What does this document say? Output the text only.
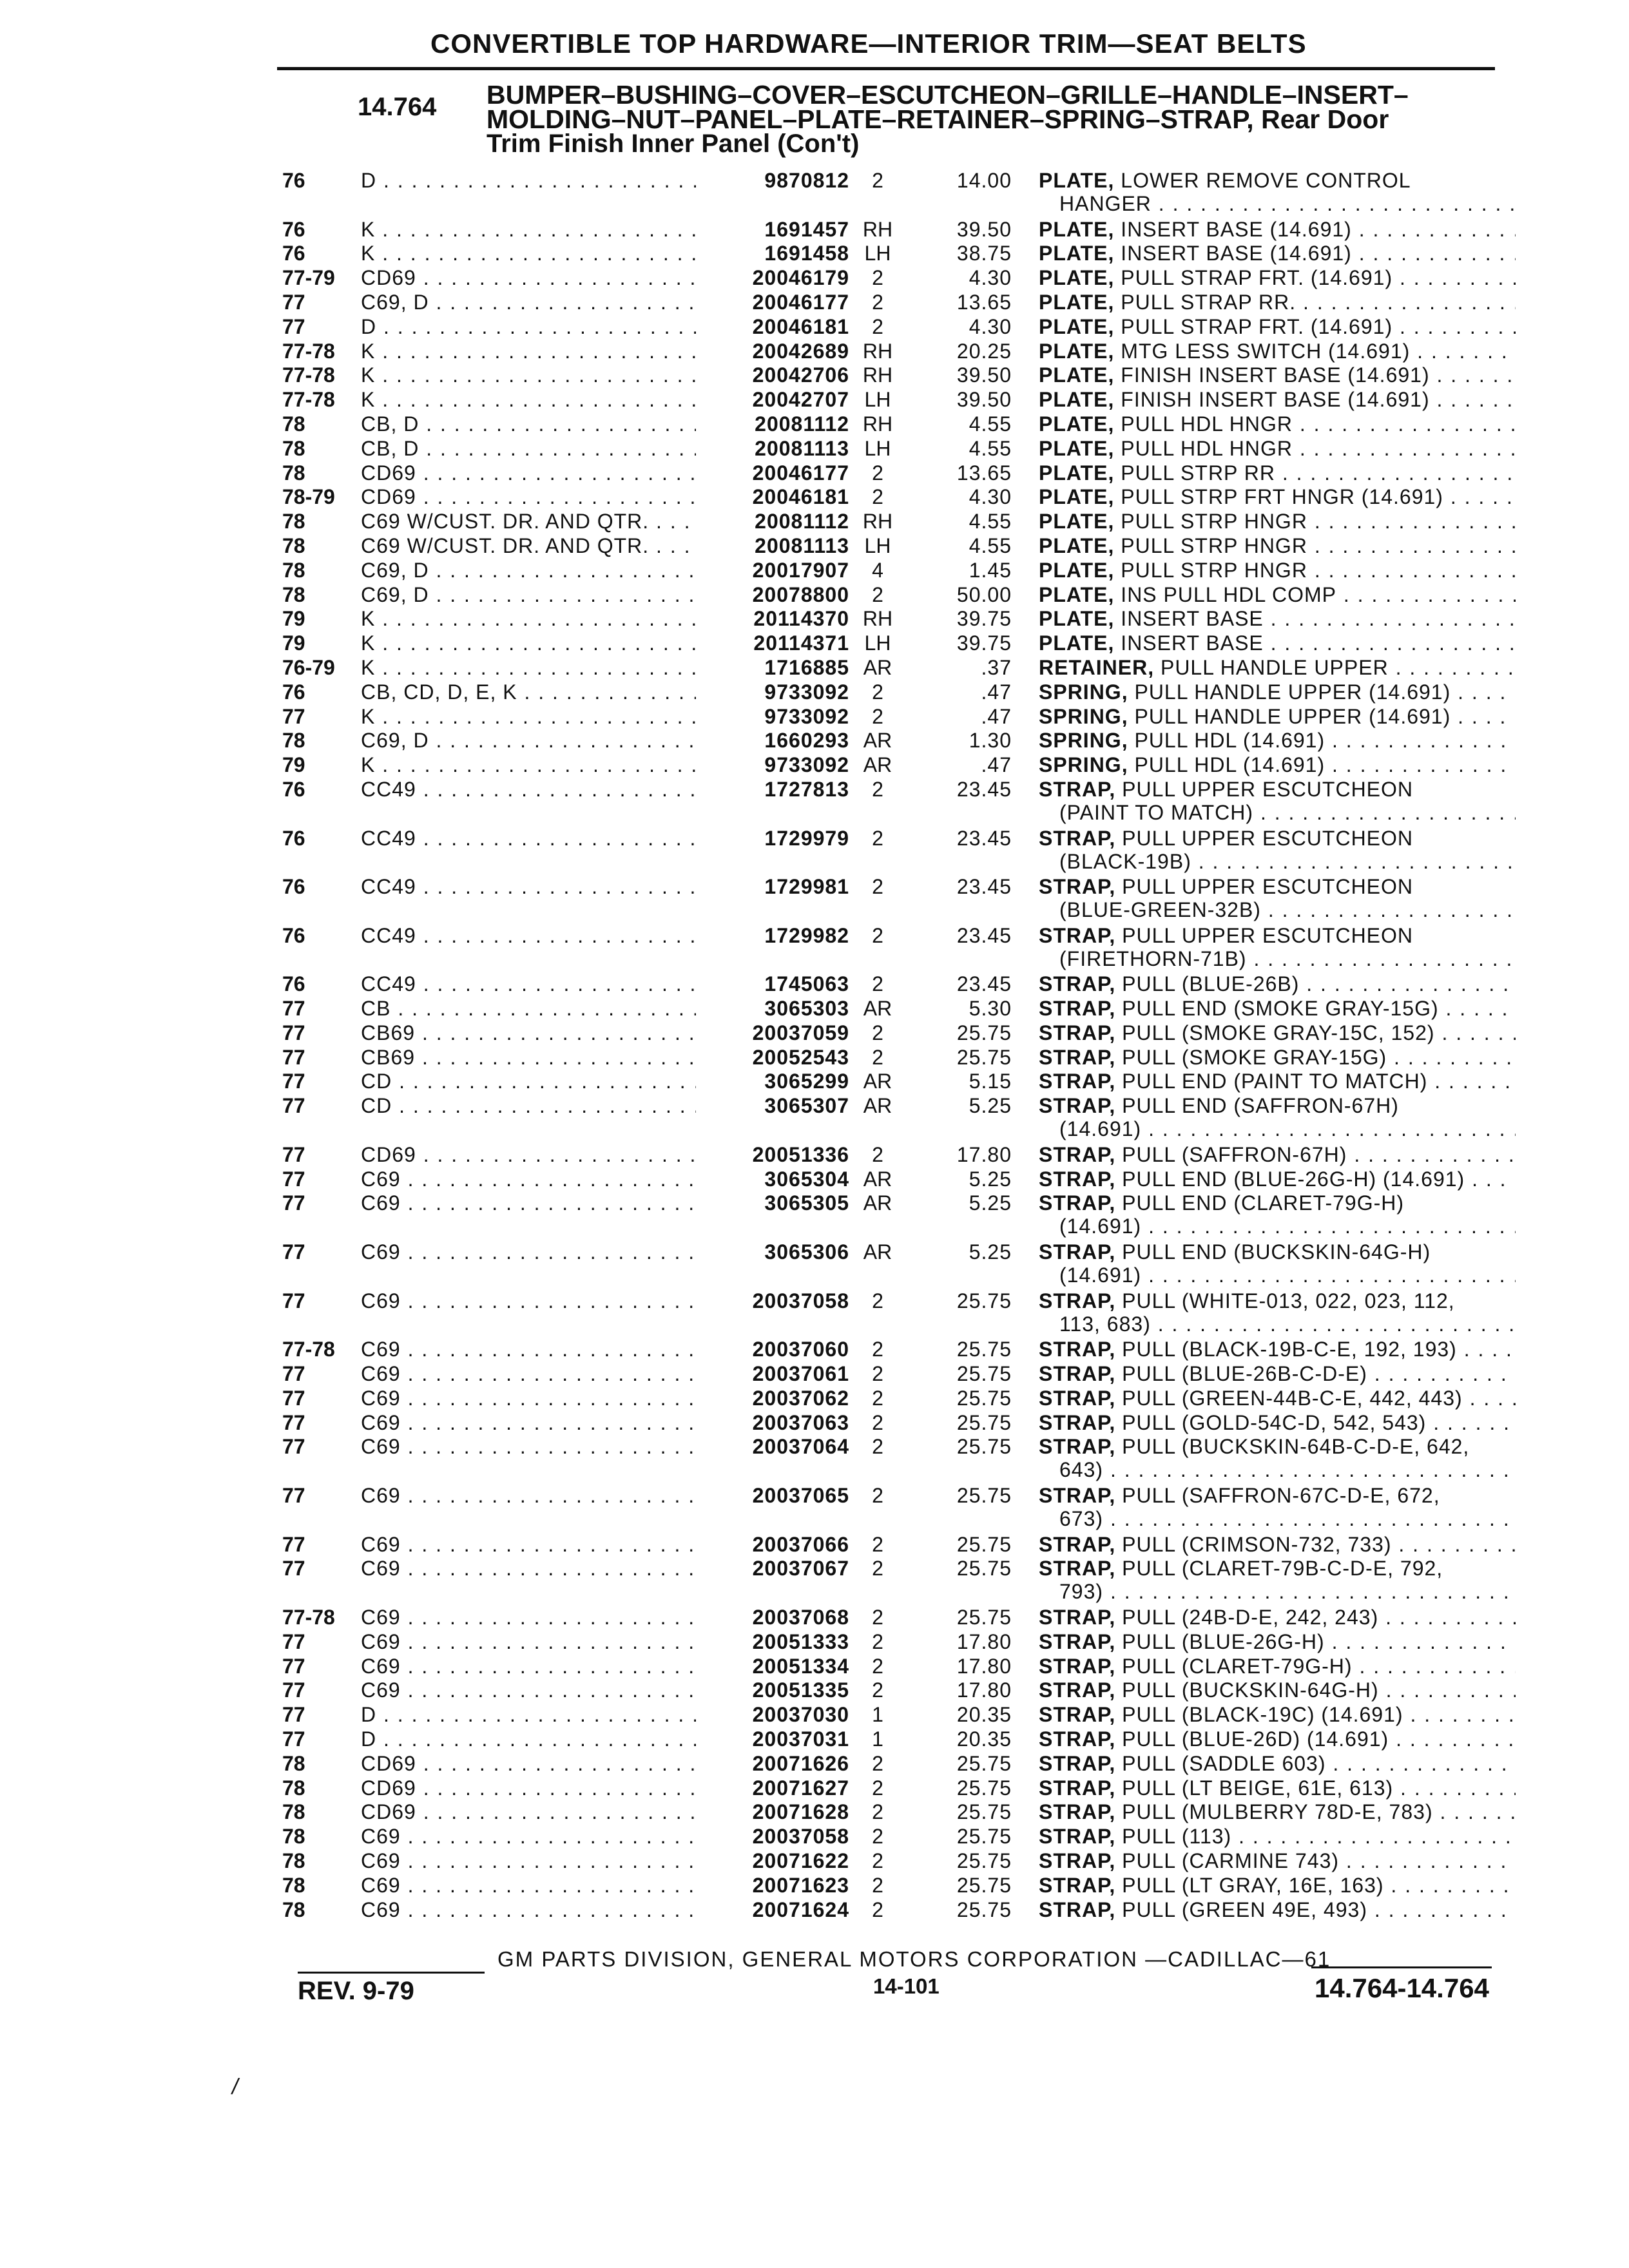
CONVERTIBLE TOP HARDWARE—INTERIOR TRIM—SEAT BELTS
14.764 BUMPER–BUSHING–COVER–ESCUTCHEON–GRILLE–HANDLE–INSERT–
MOLDING–NUT–PANEL–PLATE–RETAINER–SPRING–STRAP, Rear Door
Trim Finish Inner Panel (Con't)
76	D . . .	9870812	2	14.00 PLATE, LOWER REMOVE CONTROL
HANGER . . .
76	K . . .	1691457 RH	39.50 PLATE, INSERT BASE (14.691) . . .
76	K . . .	1691458 LH	38.75 PLATE, INSERT BASE (14.691) . . .
77-79 CD69 . . .	20046179	2	4.30 PLATE, PULL STRAP FRT. (14.691) . . .
77	C69, D . . .	20046177	2	13.65 PLATE, PULL STRAP RR. . . .
77	D . . .	20046181	2	4.30 PLATE, PULL STRAP FRT. (14.691) . . .
77-78 K . . .	20042689 RH	20.25 PLATE, MTG LESS SWITCH (14.691) . . .
77-78 K . . .	20042706 RH	39.50 PLATE, FINISH INSERT BASE (14.691) . . .
77-78 K . . .	20042707 LH	39.50 PLATE, FINISH INSERT BASE (14.691) . . .
78	CB, D . . .	20081112 RH	4.55 PLATE, PULL HDL HNGR . . .
78	CB, D . . .	20081113 LH	4.55 PLATE, PULL HDL HNGR . . .
78	CD69 . . .	20046177	2	13.65 PLATE, PULL STRP RR . . .
78-79 CD69 . . .	20046181	2	4.30 PLATE, PULL STRP FRT HNGR (14.691) . . .
78	C69 W/CUST. DR. AND QTR. . . .	20081112 RH	4.55 PLATE, PULL STRP HNGR . . .
78	C69 W/CUST. DR. AND QTR. . . .	20081113 LH	4.55 PLATE, PULL STRP HNGR . . .
78	C69, D . . .	20017907	4	1.45 PLATE, PULL STRP HNGR . . .
78	C69, D . . .	20078800	2	50.00 PLATE, INS PULL HDL COMP . . .
79	K . . .	20114370 RH	39.75 PLATE, INSERT BASE . . .
79	K . . .	20114371 LH	39.75 PLATE, INSERT BASE . . .
76-79 K . . .	1716885 AR	.37 RETAINER, PULL HANDLE UPPER . . .
76	CB, CD, D, E, K . . .	9733092	2	.47 SPRING, PULL HANDLE UPPER (14.691) . . .
77	K . . .	9733092	2	.47 SPRING, PULL HANDLE UPPER (14.691) . . .
78	C69, D . . .	1660293 AR	1.30 SPRING, PULL HDL (14.691) . . .
79	K . . .	9733092 AR	.47 SPRING, PULL HDL (14.691) . . .
76	CC49 . . .	1727813	2	23.45 STRAP, PULL UPPER ESCUTCHEON
(PAINT TO MATCH) . . .
76	CC49 . . .	1729979	2	23.45 STRAP, PULL UPPER ESCUTCHEON
(BLACK-19B) . . .
76	CC49 . . .	1729981	2	23.45 STRAP, PULL UPPER ESCUTCHEON
(BLUE-GREEN-32B) . . .
76	CC49 . . .	1729982	2	23.45 STRAP, PULL UPPER ESCUTCHEON
(FIRETHORN-71B) . . .
76	CC49 . . .	1745063	2	23.45 STRAP, PULL (BLUE-26B) . . .
77	CB . . .	3065303 AR	5.30 STRAP, PULL END (SMOKE GRAY-15G) . . .
77	CB69 . . .	20037059	2	25.75 STRAP, PULL (SMOKE GRAY-15C, 152) . . .
77	CB69 . . .	20052543	2	25.75 STRAP, PULL (SMOKE GRAY-15G) . . .
77	CD . . .	3065299 AR	5.15 STRAP, PULL END (PAINT TO MATCH) . . .
77	CD . . .	3065307 AR	5.25 STRAP, PULL END (SAFFRON-67H)
(14.691) . . .
77	CD69 . . .	20051336	2	17.80 STRAP, PULL (SAFFRON-67H) . . .
77	C69 . . .	3065304 AR	5.25 STRAP, PULL END (BLUE-26G-H) (14.691) . . .
77	C69 . . .	3065305 AR	5.25 STRAP, PULL END (CLARET-79G-H)
(14.691) . . .
77	C69 . . .	3065306 AR	5.25 STRAP, PULL END (BUCKSKIN-64G-H)
(14.691) . . .
77	C69 . . .	20037058	2	25.75 STRAP, PULL (WHITE-013, 022, 023, 112,
113, 683) . . .
77-78 C69 . . .	20037060	2	25.75 STRAP, PULL (BLACK-19B-C-E, 192, 193) . . .
77	C69 . . .	20037061	2	25.75 STRAP, PULL (BLUE-26B-C-D-E) . . .
77	C69 . . .	20037062	2	25.75 STRAP, PULL (GREEN-44B-C-E, 442, 443) . . .
77	C69 . . .	20037063	2	25.75 STRAP, PULL (GOLD-54C-D, 542, 543) . . .
77	C69 . . .	20037064	2	25.75 STRAP, PULL (BUCKSKIN-64B-C-D-E, 642,
643) . . .
77	C69 . . .	20037065	2	25.75 STRAP, PULL (SAFFRON-67C-D-E, 672,
673) . . .
77	C69 . . .	20037066	2	25.75 STRAP, PULL (CRIMSON-732, 733) . . .
77	C69 . . .	20037067	2	25.75 STRAP, PULL (CLARET-79B-C-D-E, 792,
793) . . .
77-78 C69 . . .	20037068	2	25.75 STRAP, PULL (24B-D-E, 242, 243) . . .
77	C69 . . .	20051333	2	17.80 STRAP, PULL (BLUE-26G-H) . . .
77	C69 . . .	20051334	2	17.80 STRAP, PULL (CLARET-79G-H) . . .
77	C69 . . .	20051335	2	17.80 STRAP, PULL (BUCKSKIN-64G-H) . . .
77	D . . .	20037030	1	20.35 STRAP, PULL (BLACK-19C) (14.691) . . .
77	D . . .	20037031	1	20.35 STRAP, PULL (BLUE-26D) (14.691) . . .
78	CD69 . . .	20071626	2	25.75 STRAP, PULL (SADDLE 603) . . .
78	CD69 . . .	20071627	2	25.75 STRAP, PULL (LT BEIGE, 61E, 613) . . .
78	CD69 . . .	20071628	2	25.75 STRAP, PULL (MULBERRY 78D-E, 783) . . .
78	C69 . . .	20037058	2	25.75 STRAP, PULL (113) . . .
78	C69 . . .	20071622	2	25.75 STRAP, PULL (CARMINE 743) . . .
78	C69 . . .	20071623	2	25.75 STRAP, PULL (LT GRAY, 16E, 163) . . .
78	C69 . . .	20071624	2	25.75 STRAP, PULL (GREEN 49E, 493) . . .
GM PARTS DIVISION, GENERAL MOTORS CORPORATION —CADILLAC—61
REV. 9-79	14-101	14.764-14.764
/
